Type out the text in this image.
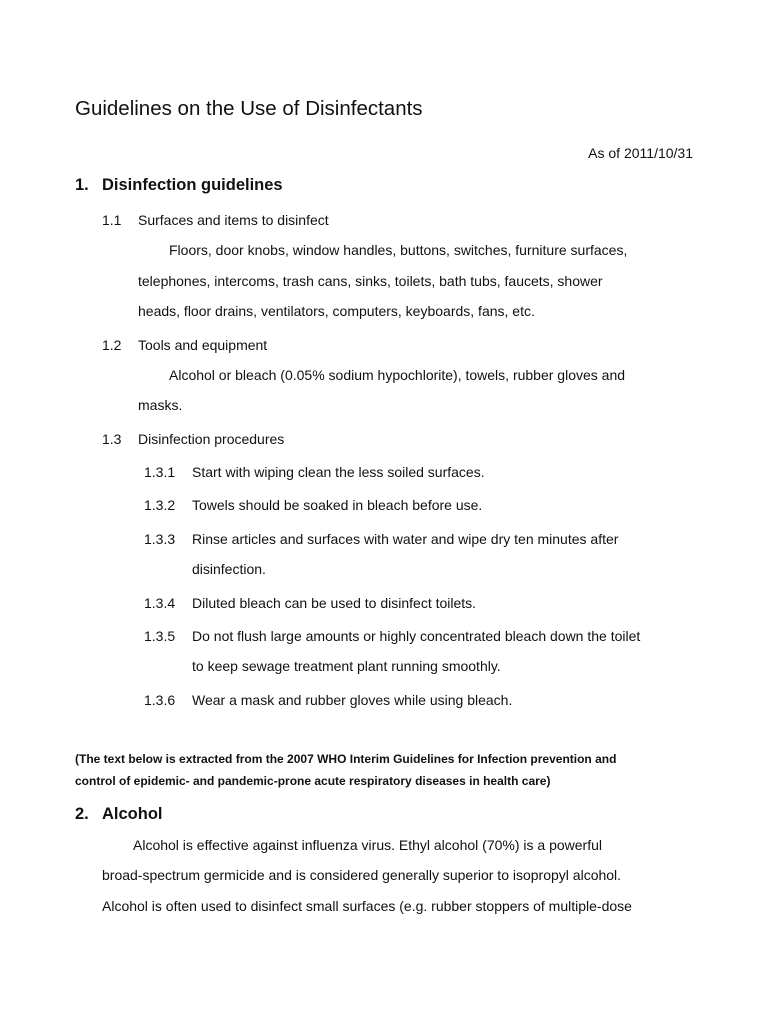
Guidelines on the Use of Disinfectants
As of 2011/10/31
1. Disinfection guidelines
1.1 Surfaces and items to disinfect
Floors, door knobs, window handles, buttons, switches, furniture surfaces,
telephones, intercoms, trash cans, sinks, toilets, bath tubs, faucets, shower
heads, floor drains, ventilators, computers, keyboards, fans, etc.
1.2 Tools and equipment
Alcohol or bleach (0.05% sodium hypochlorite), towels, rubber gloves and
masks.
1.3 Disinfection procedures
1.3.1 Start with wiping clean the less soiled surfaces.
1.3.2 Towels should be soaked in bleach before use.
1.3.3 Rinse articles and surfaces with water and wipe dry ten minutes after
disinfection.
1.3.4 Diluted bleach can be used to disinfect toilets.
1.3.5 Do not flush large amounts or highly concentrated bleach down the toilet
to keep sewage treatment plant running smoothly.
1.3.6 Wear a mask and rubber gloves while using bleach.
(The text below is extracted from the 2007 WHO Interim Guidelines for Infection prevention and
control of epidemic- and pandemic-prone acute respiratory diseases in health care)
2. Alcohol
Alcohol is effective against influenza virus. Ethyl alcohol (70%) is a powerful
broad-spectrum germicide and is considered generally superior to isopropyl alcohol.
Alcohol is often used to disinfect small surfaces (e.g. rubber stoppers of multiple-dose
